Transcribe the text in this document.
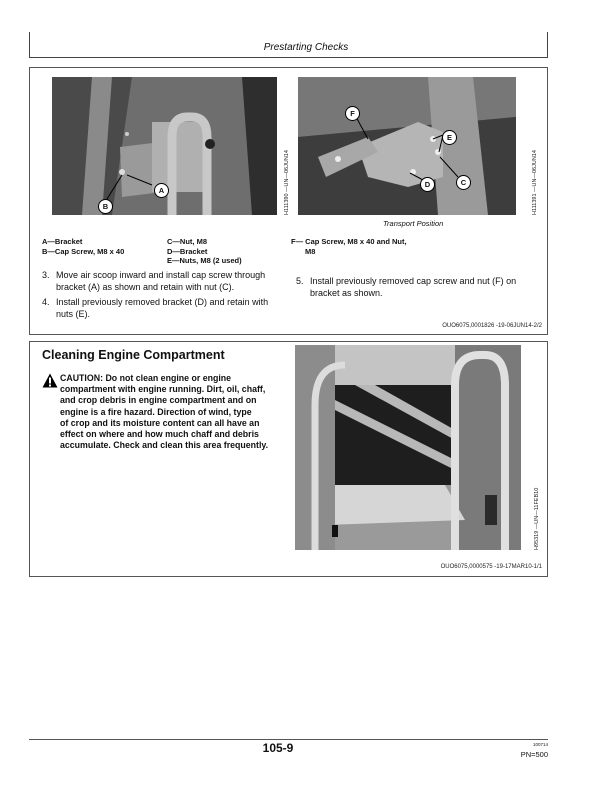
Prestarting Checks
A
B	H111390 —UN—06JUN14
F
E
D	C	H111391 —UN—06JUN14
Transport Position
A—Bracket
B—Cap Screw, M8 x 40
C—Nut, M8
D—Bracket
E—Nuts, M8 (2 used)
F— Cap Screw, M8 x 40 and Nut,
M8
3. Move air scoop inward and install cap screw through
bracket (A) as shown and retain with nut (C).
4. Install previously removed bracket (D) and retain with
nuts (E).
5. Install previously removed cap screw and nut (F) on
bracket as shown.
OUO6075,0001826 -19-06JUN14-2/2
Cleaning Engine Compartment
CAUTION: Do not clean engine or engine
compartment with engine running. Dirt, oil, chaff,
and crop debris in engine compartment and on
engine is a fire hazard. Direction of wind, type
of crop and its moisture content can all have an
effect on where and how much chaff and debris
accumulate. Check and clean this area frequently.
H95319 —UN—11FEB10
OUO6075,0000575 -19-17MAR10-1/1
105-9	100714
PN=500
